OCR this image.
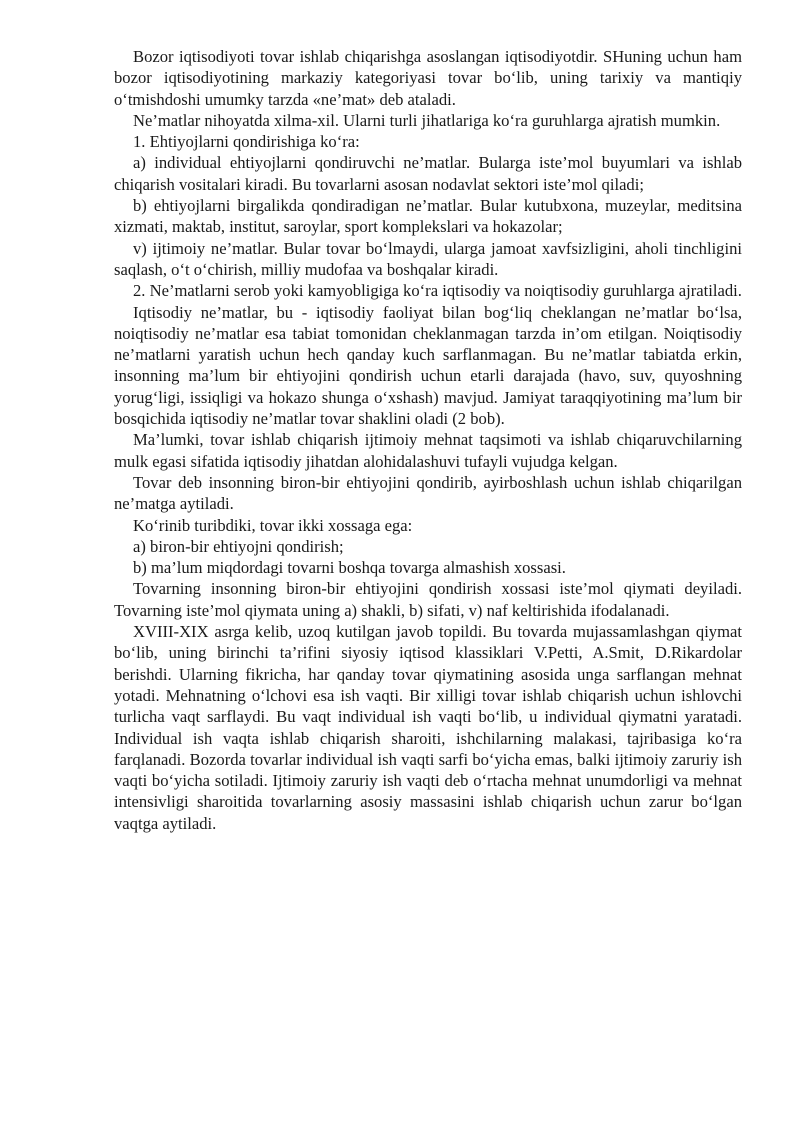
Bozor iqtisodiyoti tovar ishlab chiqarishga asoslangan iqtisodiyotdir. SHuning uchun ham bozor iqtisodiyotining markaziy kategoriyasi tovar bo‘lib, uning tarixiy va mantiqiy o‘tmishdoshi umumky tarzda «ne’mat» deb ataladi.

Ne’matlar nihoyatda xilma-xil. Ularni turli jihatlariga ko‘ra guruhlarga ajratish mumkin.

1. Ehtiyojlarni qondirishiga ko‘ra:

a) individual ehtiyojlarni qondiruvchi ne’matlar. Bularga iste’mol buyumlari va ishlab chiqarish vositalari kiradi. Bu tovarlarni asosan nodavlat sektori iste’mol qiladi;

b) ehtiyojlarni birgalikda qondiradigan ne’matlar. Bular kutubxona, muzeylar, meditsina xizmati, maktab, institut, saroylar, sport komplekslari va hokazolar;

v) ijtimoiy ne’matlar. Bular tovar bo‘lmaydi, ularga jamoat xavfsizligini, aholi tinchligini saqlash, o‘t o‘chirish, milliy mudofaa va boshqalar kiradi.

2. Ne’matlarni serob yoki kamyobligiga ko‘ra iqtisodiy va noiqtisodiy guruhlarga ajratiladi.

Iqtisodiy ne’matlar, bu - iqtisodiy faoliyat bilan bog‘liq cheklangan ne’matlar bo‘lsa, noiqtisodiy ne’matlar esa tabiat tomonidan cheklanmagan tarzda in’om etilgan. Noiqtisodiy ne’matlarni yaratish uchun hech qanday kuch sarflanmagan. Bu ne’matlar tabiatda erkin, insonning ma’lum bir ehtiyojini qondirish uchun etarli darajada (havo, suv, quyoshning yorug‘ligi, issiqligi va hokazo shunga o‘xshash) mavjud. Jamiyat taraqqiyotining ma’lum bir bosqichida iqtisodiy ne’matlar tovar shaklini oladi (2 bob).

Ma’lumki, tovar ishlab chiqarish ijtimoiy mehnat taqsimoti va ishlab chiqaruvchilarning mulk egasi sifatida iqtisodiy jihatdan alohidalashuvi tufayli vujudga kelgan.

Tovar deb insonning biron-bir ehtiyojini qondirib, ayirboshlash uchun ishlab chiqarilgan ne’matga aytiladi.

Ko‘rinib turibdiki, tovar ikki xossaga ega:

a) biron-bir ehtiyojni qondirish;

b) ma’lum miqdordagi tovarni boshqa tovarga almashish xossasi.

Tovarning insonning biron-bir ehtiyojini qondirish xossasi iste’mol qiymati deyiladi. Tovarning iste’mol qiymata uning a) shakli, b) sifati, v) naf keltirishida ifodalanadi.

XVIII-XIX asrga kelib, uzoq kutilgan javob topildi. Bu tovarda mujassamlashgan qiymat bo‘lib, uning birinchi ta’rifini siyosiy iqtisod klassiklari V.Petti, A.Smit, D.Rikardolar berishdi. Ularning fikricha, har qanday tovar qiymatining asosida unga sarflangan mehnat yotadi. Mehnatning o‘lchovi esa ish vaqti. Bir xilligi tovar ishlab chiqarish uchun ishlovchi turlicha vaqt sarflaydi. Bu vaqt individual ish vaqti bo‘lib, u individual qiymatni yaratadi. Individual ish vaqta ishlab chiqarish sharoiti, ishchilarning malakasi, tajribasiga ko‘ra farqlanadi. Bozorda tovarlar individual ish vaqti sarfi bo‘yicha emas, balki ijtimoiy zaruriy ish vaqti bo‘yicha sotiladi. Ijtimoiy zaruriy ish vaqti deb o‘rtacha mehnat unumdorligi va mehnat intensivligi sharoitida tovarlarning asosiy massasini ishlab chiqarish uchun zarur bo‘lgan vaqtga aytiladi.
